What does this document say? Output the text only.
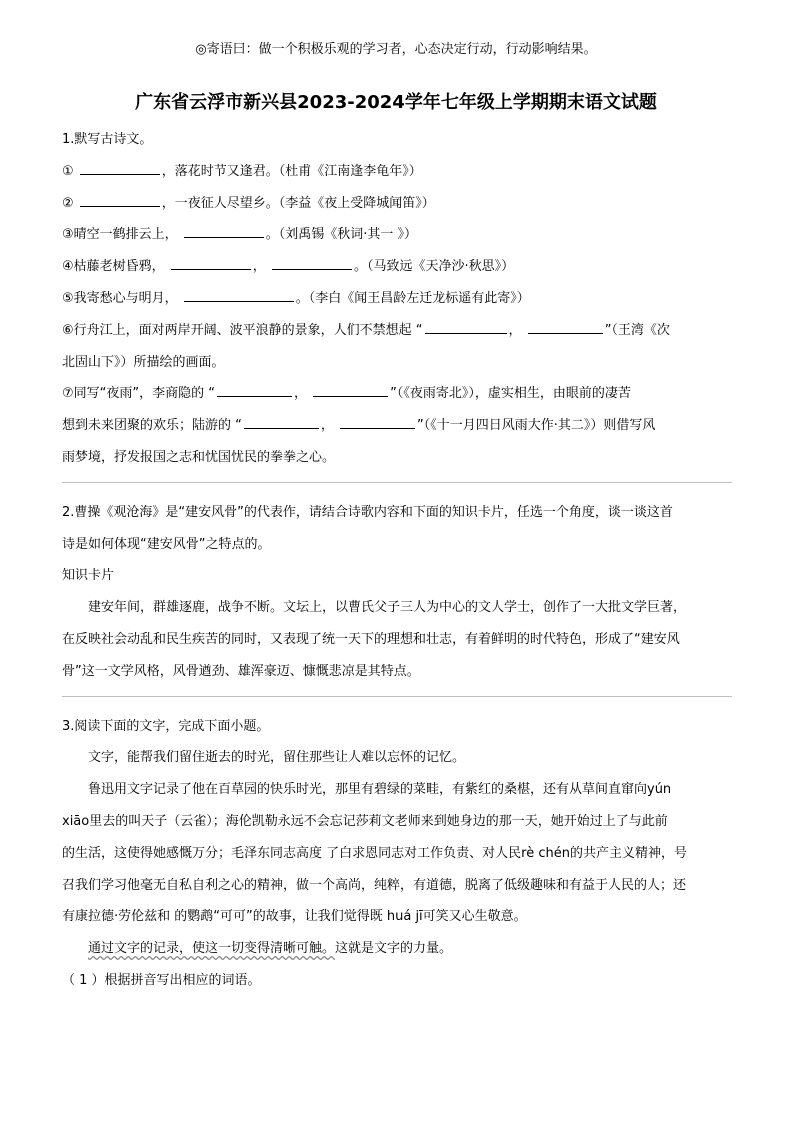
◎寄语曰：做一个积极乐观的学习者，心态决定行动，行动影响结果。
广东省云浮市新兴县2023-2024学年七年级上学期期末语文试题
1.默写古诗文。
①	，落花时节又逢君。（杜甫《江南逢李龟年》）
②	，一夜征人尽望乡。（李益《夜上受降城闻笛》）
③晴空一鹤排云上，	。（刘禹锡《秋词·其一 》）
④枯藤老树昏鸦，	，	。（马致远《天净沙·秋思》）
⑤我寄愁心与明月，	。（李白《闻王昌龄左迁龙标遥有此寄》）
⑥行舟江上，面对两岸开阔、波平浪静的景象，人们不禁想起 “	，	”（王湾《次
北固山下》）所描绘的画面。
⑦同写“夜雨”，李商隐的 “	，	”（《夜雨寄北》），虚实相生，由眼前的凄苦
想到未来团聚的欢乐；陆游的 “	，	”（《十一月四日风雨大作·其二》）则借写风
雨梦境，抒发报国之志和忧国忧民的拳拳之心。
2.曹操《观沧海》是“建安风骨”的代表作，请结合诗歌内容和下面的知识卡片，任选一个角度，谈一谈这首
诗是如何体现“建安风骨”之特点的。
知识卡片
建安年间，群雄逐鹿，战争不断。文坛上，以曹氏父子三人为中心的文人学士，创作了一大批文学巨著，
在反映社会动乱和民生疾苦的同时，又表现了统一天下的理想和壮志，有着鲜明的时代特色，形成了“建安风
骨”这一文学风格，风骨遒劲、雄浑豪迈、慷慨悲凉是其特点。
3.阅读下面的文字，完成下面小题。
文字，能帮我们留住逝去的时光，留住那些让人难以忘怀的记忆。
鲁迅用文字记录了他在百草园的快乐时光，那里有碧绿的菜畦，有紫红的桑椹，还有从草间直窜向yún
xiāo里去的叫天子（云雀）；海伦凯勒永远不会忘记莎莉文老师来到她身边的那一天，她开始过上了与此前
的生活，这使得她感慨万分；毛泽东同志高度 了白求恩同志对工作负责、对人民rè chén的共产主义精神，号
召我们学习他毫无自私自利之心的精神，做一个高尚，纯粹，有道德，脱离了低级趣味和有益于人民的人；还
有康拉德·劳伦兹和 的鹦鹉“可可”的故事，让我们觉得既 huá jī可笑又心生敬意。
通过文字的记录，使这一切变得清晰可触。这就是文字的力量。
（ 1 ）根据拼音写出相应的词语。
